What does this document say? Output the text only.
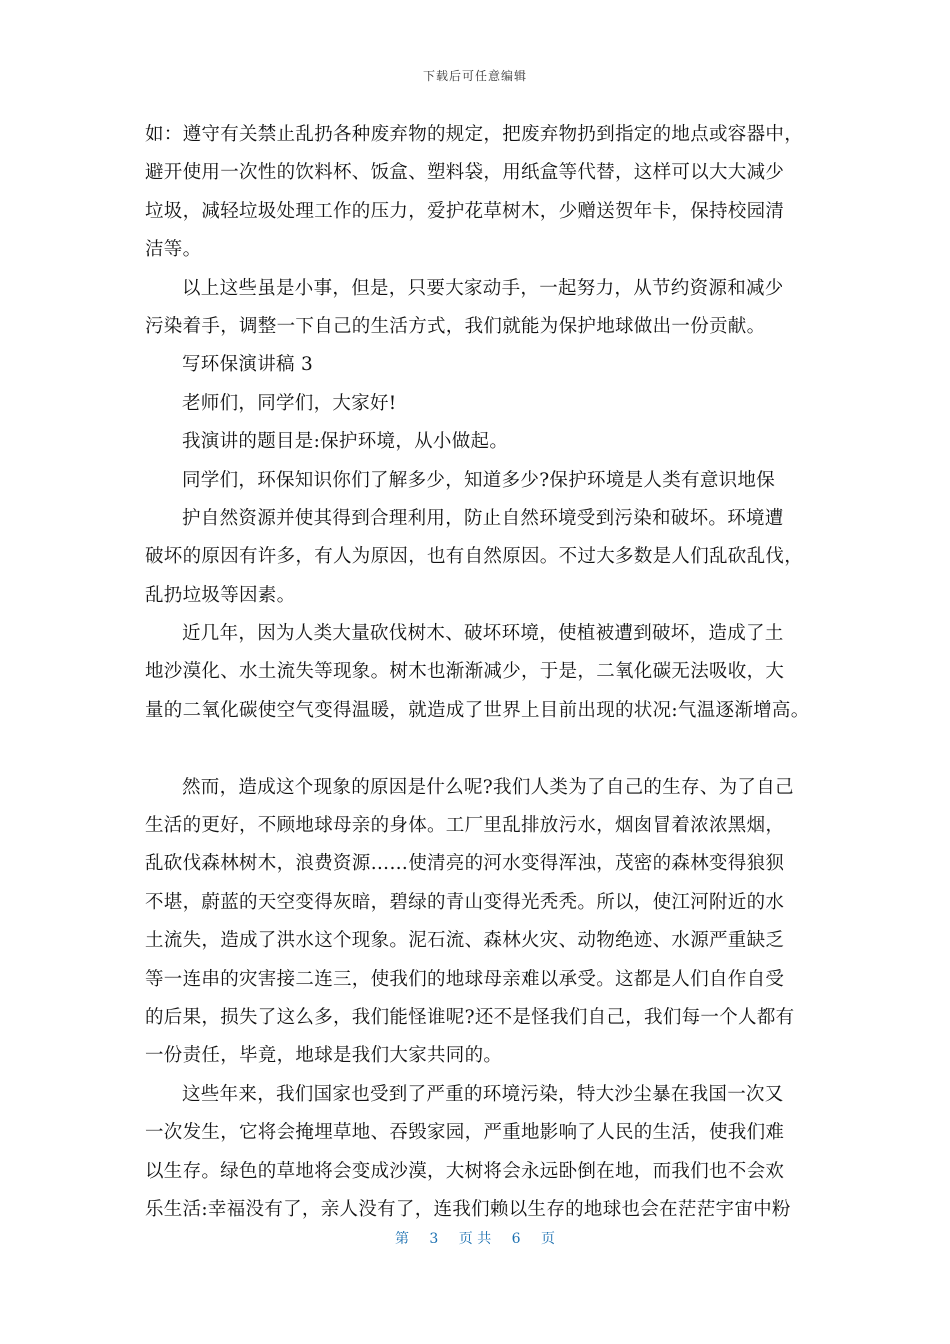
下载后可任意编辑
如：遵守有关禁止乱扔各种废弃物的规定，把废弃物扔到指定的地点或容器中，
避开使用一次性的饮料杯、饭盒、塑料袋，用纸盒等代替，这样可以大大减少
垃圾，减轻垃圾处理工作的压力，爱护花草树木，少赠送贺年卡，保持校园清
洁等。
以上这些虽是小事，但是，只要大家动手，一起努力，从节约资源和减少
污染着手，调整一下自己的生活方式，我们就能为保护地球做出一份贡献。
写环保演讲稿 3
老师们，同学们，大家好!
我演讲的题目是:保护环境，从小做起。
同学们，环保知识你们了解多少，知道多少?保护环境是人类有意识地保
护自然资源并使其得到合理利用，防止自然环境受到污染和破坏。环境遭
破坏的原因有许多，有人为原因，也有自然原因。不过大多数是人们乱砍乱伐，
乱扔垃圾等因素。
近几年，因为人类大量砍伐树木、破坏环境，使植被遭到破坏，造成了土
地沙漠化、水土流失等现象。树木也渐渐减少，于是，二氧化碳无法吸收，大
量的二氧化碳使空气变得温暖，就造成了世界上目前出现的状况:气温逐渐增高。
然而，造成这个现象的原因是什么呢?我们人类为了自己的生存、为了自己
生活的更好，不顾地球母亲的身体。工厂里乱排放污水，烟囱冒着浓浓黑烟，
乱砍伐森林树木，浪费资源……使清亮的河水变得浑浊，茂密的森林变得狼狈
不堪，蔚蓝的天空变得灰暗，碧绿的青山变得光秃秃。所以，使江河附近的水
土流失，造成了洪水这个现象。泥石流、森林火灾、动物绝迹、水源严重缺乏
等一连串的灾害接二连三，使我们的地球母亲难以承受。这都是人们自作自受
的后果，损失了这么多，我们能怪谁呢?还不是怪我们自己，我们每一个人都有
一份责任，毕竟，地球是我们大家共同的。
这些年来，我们国家也受到了严重的环境污染，特大沙尘暴在我国一次又
一次发生，它将会掩埋草地、吞毁家园，严重地影响了人民的生活，使我们难
以生存。绿色的草地将会变成沙漠，大树将会永远卧倒在地，而我们也不会欢
乐生活:幸福没有了，亲人没有了，连我们赖以生存的地球也会在茫茫宇宙中粉
第 3 页 共 6 页
